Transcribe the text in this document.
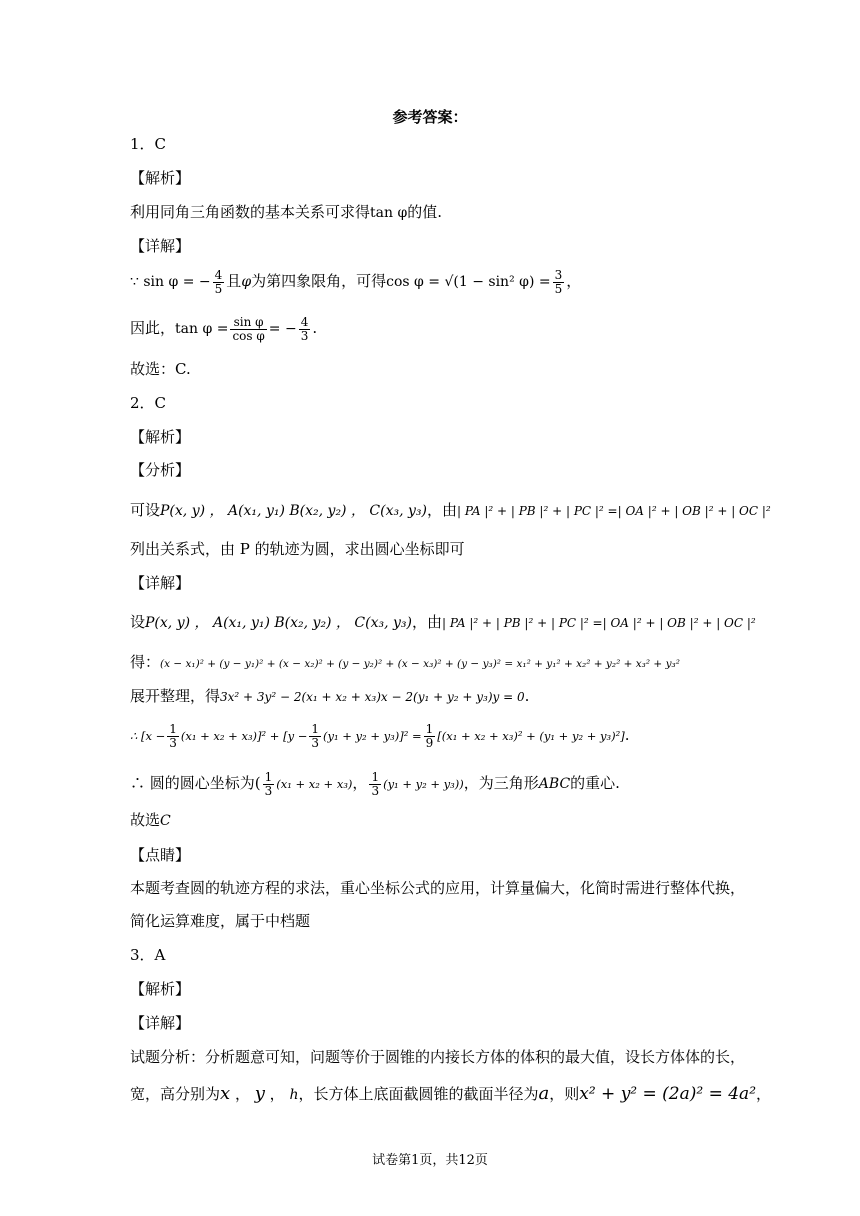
参考答案：
1．C
【解析】
利用同角三角函数的基本关系可求得tan φ的值.
【详解】
∵ sin φ = − $\frac{4}{5}$ 且φ为第四象限角，可得cos φ = √(1 − sin² $\varphi) = \frac{3}{5}$ ，
因此，$\tan \varphi = \frac{\text{sin φ}}{\text{cos φ}}$ = − $\frac{4}{3}$ .
故选：C.
2．C
【解析】
【分析】
可设P(x, y) ， A(x₁, y₁) B(x₂, y₂) ， C(x₃, y₃)，由| PA |² + | PB |² + | PC |² =| OA |² + | OB |² + | OC |²
列出关系式，由 P 的轨迹为圆，求出圆心坐标即可
【详解】
设P(x, y) ， A(x₁, y₁) B(x₂, y₂) ， C(x₃, y₃)，由| PA |² + | PB |² + | PC |² =| OA |² + | OB |² + | OC |²
得：(x − x₁)² + (y − y₁)² + (x − x₂)² + (y − y₂)² + (x − x₃)² + (y − y₃)² = x₁² + y₁² + x₂² + y₂² + x₃² + y₃²
展开整理，得3x² + 3y² − 2(x₁ + x₂ + x₃)x − 2(y₁ + y₂ + y₃)y = 0.
∴ $[x - \frac{1}{3} (x_1 + x_2 + x_3)]^2 + [y - \frac{1}{3} (y_1 + y_2 + y_3)]^2 = \frac{1}{9} [(x_1 + x_2 + x_3)^2 + (y_1 + y_2 + y_3)^2]$.
∴ 圆的圆心坐标为( $\frac{1}{3} (x_1 + x_2 + x_3)$， $\frac{1}{3} (y_1 + y_2 + y_3)$)，为三角形ABC的重心.
故选C
【点睛】
本题考查圆的轨迹方程的求法，重心坐标公式的应用，计算量偏大，化简时需进行整体代换，
简化运算难度，属于中档题
3．A
【解析】
【详解】
试题分析：分析题意可知，问题等价于圆锥的内接长方体的体积的最大值，设长方体体的长，
宽，高分别为x ， y ， h，长方体上底面截圆锥的截面半径为a，则x² + y² = (2a)² = 4a²，
试卷第1页，共12页
